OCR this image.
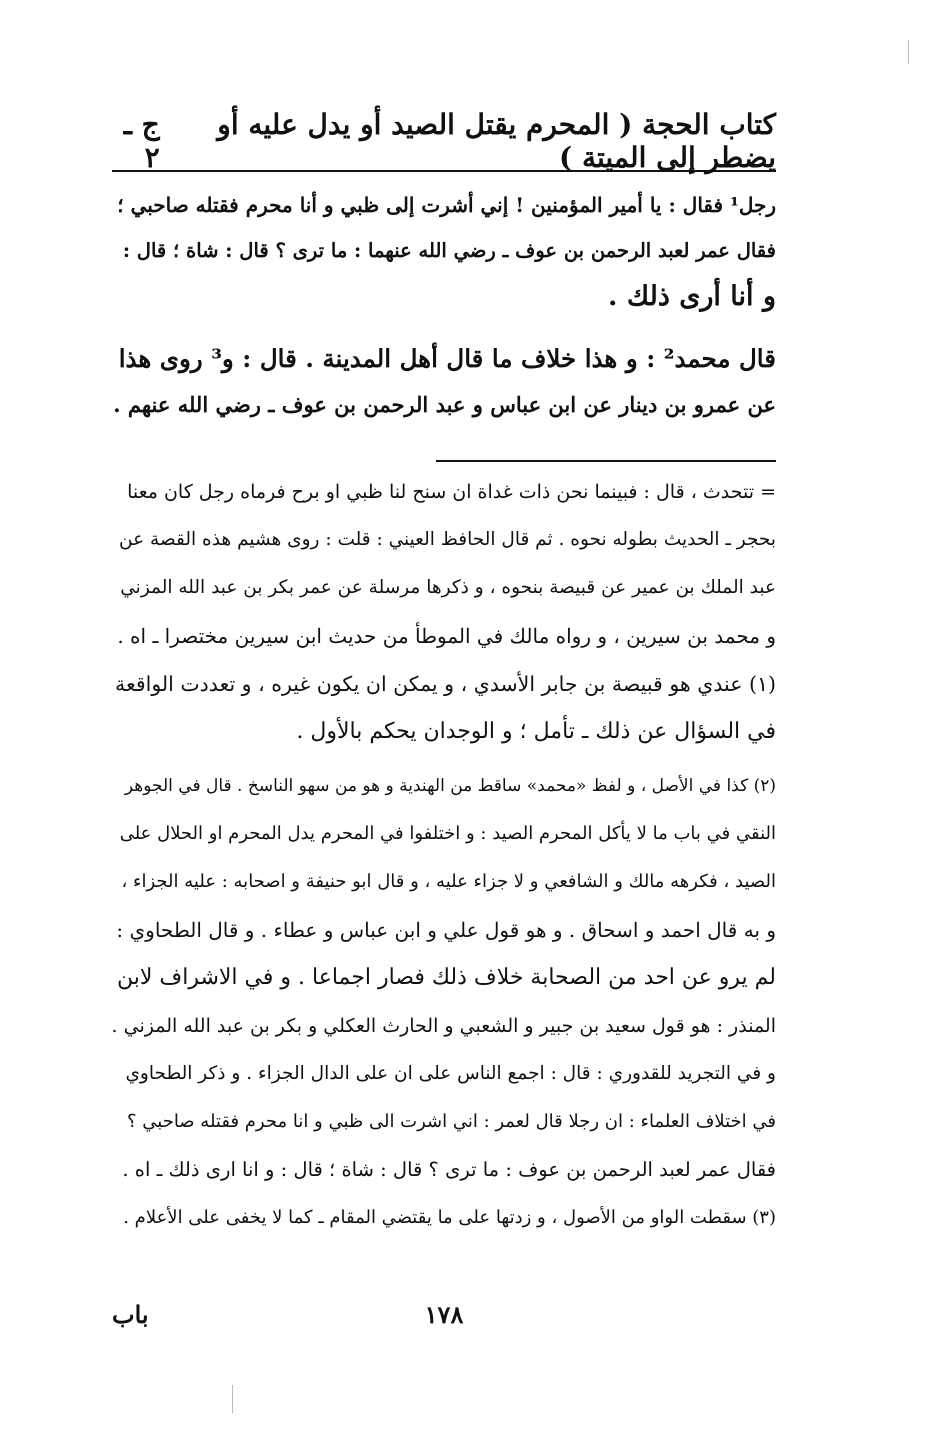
كتاب الحجة ( المحرم يقتل الصيد أو يدل عليه أو يضطر إلى الميتة )
ج ـ ٢
رجل¹ فقال : يا أمير المؤمنين ! إني أشرت إلى ظبي و أنا محرم فقتله صاحبي ؛
فقال عمر لعبد الرحمن بن عوف ـ رضي الله عنهما : ما ترى ؟ قال : شاة ؛ قال :
و أنا أرى ذلك .
قال محمد² : و هذا خلاف ما قال أهل المدينة . قال : و³ روى هذا
عن عمرو بن دينار عن ابن عباس و عبد الرحمن بن عوف ـ رضي الله عنهم .
= تتحدث ، قال : فبينما نحن ذات غداة ان سنح لنا ظبي او برح فرماه رجل كان معنا
بحجر ـ الحديث بطوله نحوه . ثم قال الحافظ العيني : قلت : روى هشيم هذه القصة عن
عبد الملك بن عمير عن قبيصة بنحوه ، و ذكرها مرسلة عن عمر بكر بن عبد الله المزني
و محمد بن سيرين ، و رواه مالك في الموطأ من حديث ابن سيرين مختصرا ـ اه .
(١) عندي هو قبيصة بن جابر الأسدي ، و يمكن ان يكون غيره ، و تعددت الواقعة
في السؤال عن ذلك ـ تأمل ؛ و الوجدان يحكم بالأول .
(٢) كذا في الأصل ، و لفظ «محمد» ساقط من الهندية و هو من سهو الناسخ . قال في الجوهر
النقي في باب ما لا يأكل المحرم الصيد : و اختلفوا في المحرم يدل المحرم او الحلال على
الصيد ، فكرهه مالك و الشافعي و لا جزاء عليه ، و قال ابو حنيفة و اصحابه : عليه الجزاء ،
و به قال احمد و اسحاق . و هو قول علي و ابن عباس و عطاء . و قال الطحاوي :
لم يرو عن احد من الصحابة خلاف ذلك فصار اجماعا . و في الاشراف لابن
المنذر : هو قول سعيد بن جبير و الشعبي و الحارث العكلي و بكر بن عبد الله المزني .
و في التجريد للقدوري : قال : اجمع الناس على ان على الدال الجزاء . و ذكر الطحاوي
في اختلاف العلماء : ان رجلا قال لعمر : اني اشرت الى ظبي و انا محرم فقتله صاحبي ؟
فقال عمر لعبد الرحمن بن عوف : ما ترى ؟ قال : شاة ؛ قال : و انا ارى ذلك ـ اه .
(٣) سقطت الواو من الأصول ، و زدتها على ما يقتضي المقام ـ كما لا يخفى على الأعلام .
١٧٨
باب
